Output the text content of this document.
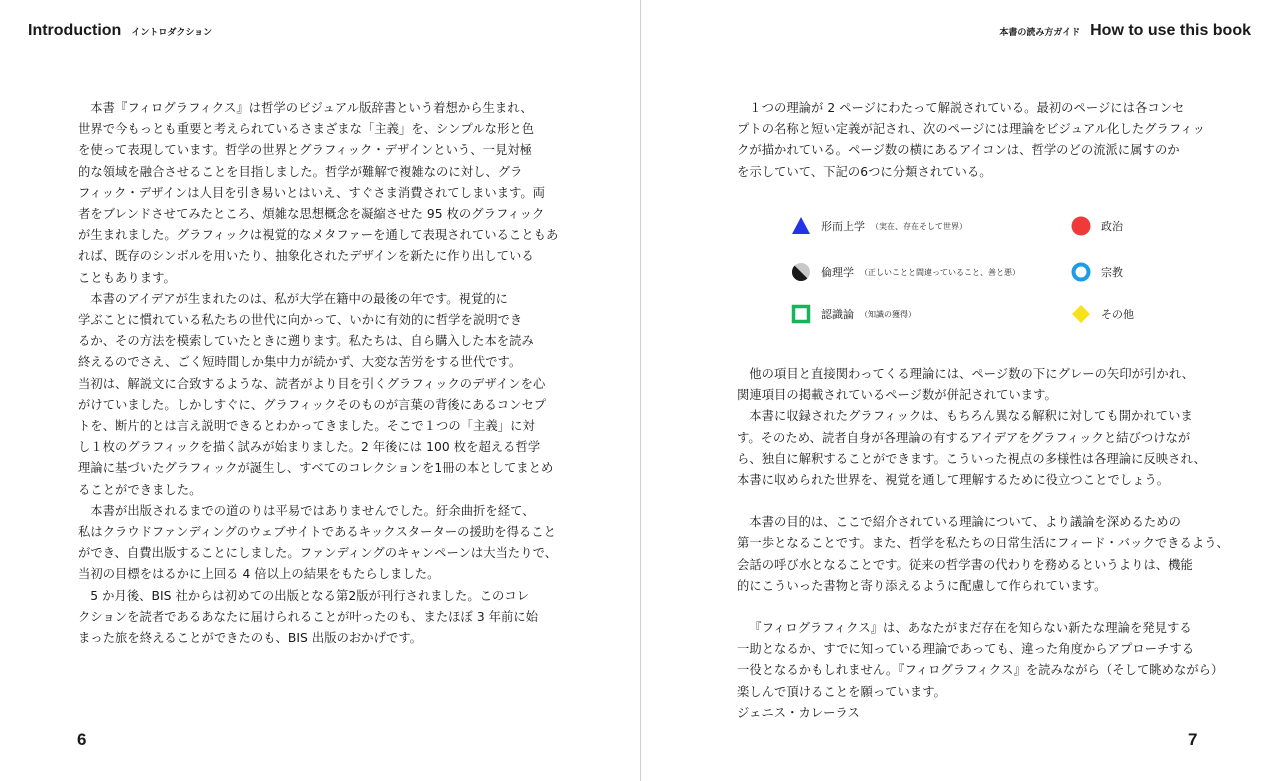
Introduction イントロダクション

本書『フィログラフィクス』は哲学のビジュアル版辞書という着想から生まれ、

世界で今もっとも重要と考えられているさまざまな「主義」を、シンプルな形と色

を使って表現しています。哲学の世界とグラフィック・デザインという、一見対極

的な領域を融合させることを目指しました。哲学が難解で複雑なのに対し、グラ

フィック・デザインは人目を引き易いとはいえ、すぐさま消費されてしまいます。両

者をブレンドさせてみたところ、煩雑な思想概念を凝縮させた 95 枚のグラフィック

が生まれました。グラフィックは視覚的なメタファーを通して表現されていることもあ

れば、既存のシンボルを用いたり、抽象化されたデザインを新たに作り出している

こともあります。

本書のアイデアが生まれたのは、私が大学在籍中の最後の年です。視覚的に

学ぶことに慣れている私たちの世代に向かって、いかに有効的に哲学を説明でき

るか、その方法を模索していたときに遡ります。私たちは、自ら購入した本を読み

終えるのでさえ、ごく短時間しか集中力が続かず、大変な苦労をする世代です。

当初は、解説文に合致するような、読者がより目を引くグラフィックのデザインを心

がけていました。しかしすぐに、グラフィックそのものが言葉の背後にあるコンセプ

トを、断片的とは言え説明できるとわかってきました。そこで１つの「主義」に対

し１枚のグラフィックを描く試みが始まりました。2 年後には 100 枚を超える哲学

理論に基づいたグラフィックが誕生し、すべてのコレクションを1冊の本としてまとめ

ることができました。

本書が出版されるまでの道のりは平易ではありませんでした。紆余曲折を経て、

私はクラウドファンディングのウェブサイトであるキックスターターの援助を得ること

ができ、自費出版することにしました。ファンディングのキャンペーンは大当たりで、

当初の目標をはるかに上回る 4 倍以上の結果をもたらしました。

5 か月後、BIS 社からは初めての出版となる第2版が刊行されました。このコレ

クションを読者であるあなたに届けられることが叶ったのも、またほぼ 3 年前に始

まった旅を終えることができたのも、BIS 出版のおかげです。

6
本書の読み方ガイド How to use this book

１つの理論が 2 ページにわたって解説されている。最初のページには各コンセ

プトの名称と短い定義が記され、次のページには理論をビジュアル化したグラフィッ

クが描かれている。ページ数の横にあるアイコンは、哲学のどの流派に属すのか

を示していて、下記の6つに分類されている。

形而上学 （実在、存在そして世界）
倫理学 （正しいことと間違っていること、善と悪）
認識論 （知識の獲得）
政治
宗教
その他

他の項目と直接関わってくる理論には、ページ数の下にグレーの矢印が引かれ、

関連項目の掲載されているページ数が併記されています。

本書に収録されたグラフィックは、もちろん異なる解釈に対しても開かれていま

す。そのため、読者自身が各理論の有するアイデアをグラフィックと結びつけなが

ら、独自に解釈することができます。こういった視点の多様性は各理論に反映され、

本書に収められた世界を、視覚を通して理解するために役立つことでしょう。

本書の目的は、ここで紹介されている理論について、より議論を深めるための

第一歩となることです。また、哲学を私たちの日常生活にフィード・バックできるよう、

会話の呼び水となることです。従来の哲学書の代わりを務めるというよりは、機能

的にこういった書物と寄り添えるように配慮して作られています。

『フィログラフィクス』は、あなたがまだ存在を知らない新たな理論を発見する

一助となるか、すでに知っている理論であっても、違った角度からアプローチする

一役となるかもしれません。『フィログラフィクス』を読みながら（そして眺めながら）

楽しんで頂けることを願っています。

ジェニス・カレーラス

7
